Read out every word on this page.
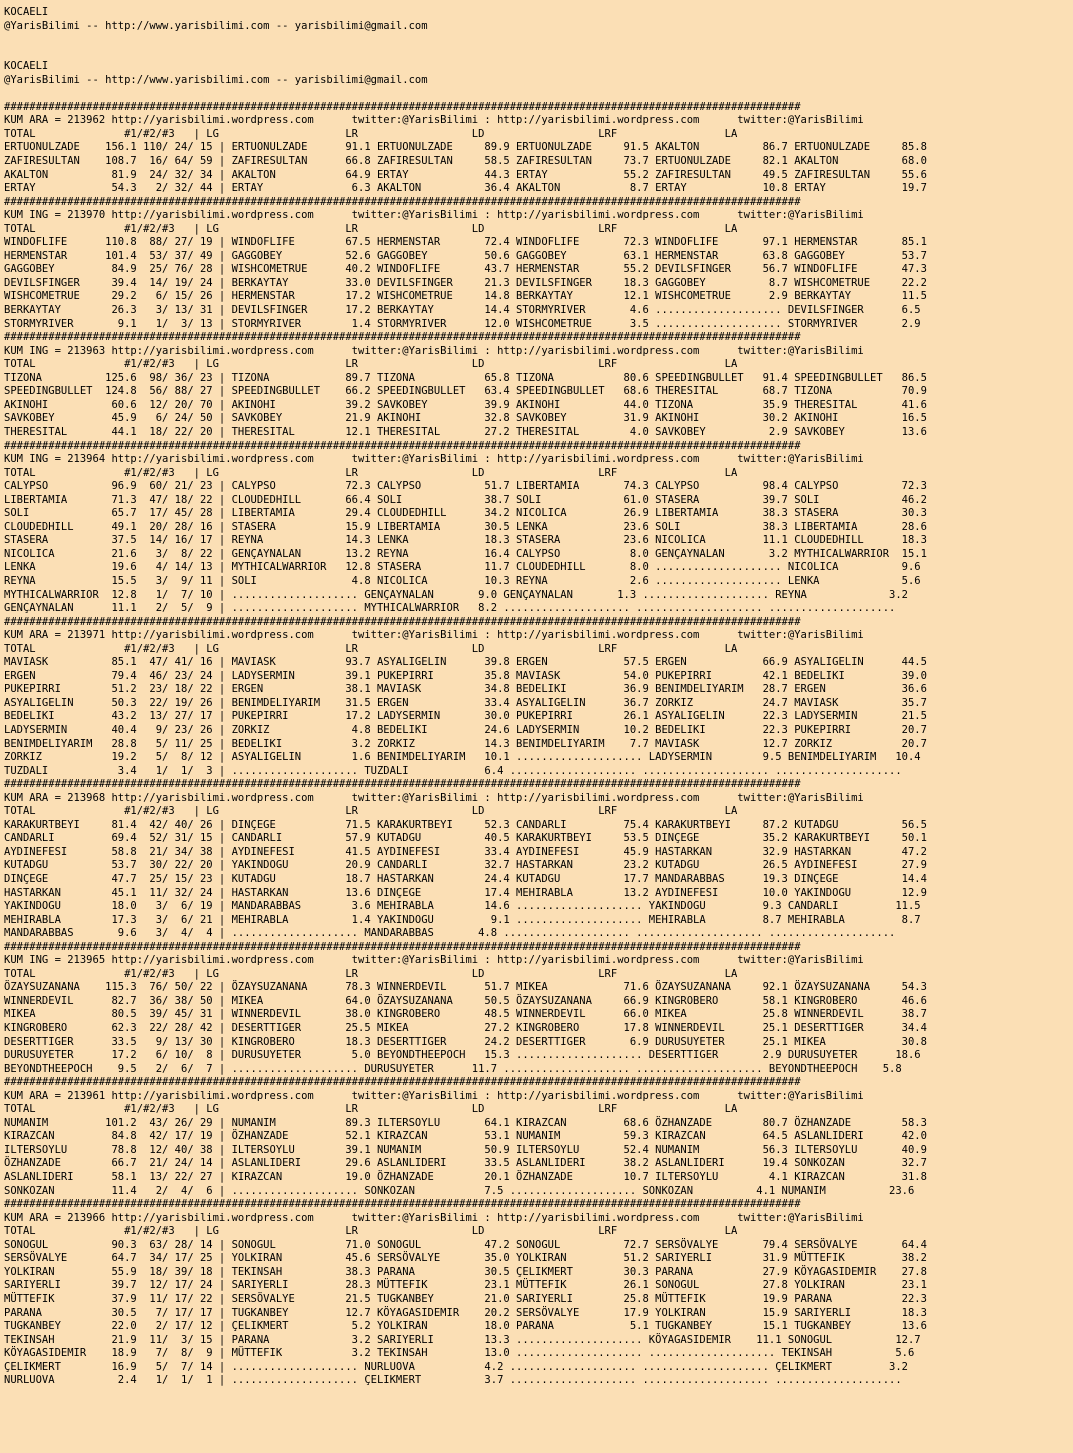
KOCAELI
@YarisBilimi -- http://www.yarisbilimi.com -- yarisbilimi@gmail.com

KOCAELI
@YarisBilimi -- http://www.yarisbilimi.com -- yarisbilimi@gmail.com

##############################################################################################################################
KUM ARA = 213962 http://yarisbilimi.wordpress.com      twitter:@YarisBilimi : http://yarisbilimi.wordpress.com      twitter:@YarisBilimi
TOTAL              #1/#2/#3   | LG                    LR                  LD                  LRF                 LA
ERTUONULZADE    156.1 110/ 24/ 15 | ERTUONULZADE      91.1 ERTUONULZADE     89.9 ERTUONULZADE     91.5 AKALTON          86.7 ERTUONULZADE     85.8
ZAFIRESULTAN    108.7  16/ 64/ 59 | ZAFIRESULTAN      66.8 ZAFIRESULTAN     58.5 ZAFIRESULTAN     73.7 ERTUONULZADE     82.1 AKALTON          68.0
AKALTON          81.9  24/ 32/ 34 | AKALTON           64.9 ERTAY            44.3 ERTAY            55.2 ZAFIRESULTAN     49.5 ZAFIRESULTAN     55.6
ERTAY            54.3   2/ 32/ 44 | ERTAY              6.3 AKALTON          36.4 AKALTON           8.7 ERTAY            10.8 ERTAY            19.7
##############################################################################################################################
KUM ING = 213970 http://yarisbilimi.wordpress.com      twitter:@YarisBilimi : http://yarisbilimi.wordpress.com      twitter:@YarisBilimi
TOTAL              #1/#2/#3   | LG                    LR                  LD                  LRF                 LA
WINDOFLIFE      110.8  88/ 27/ 19 | WINDOFLIFE        67.5 HERMENSTAR       72.4 WINDOFLIFE       72.3 WINDOFLIFE       97.1 HERMENSTAR       85.1
HERMENSTAR      101.4  53/ 37/ 49 | GAGGOBEY          52.6 GAGGOBEY         50.6 GAGGOBEY         63.1 HERMENSTAR       63.8 GAGGOBEY         53.7
GAGGOBEY         84.9  25/ 76/ 28 | WISHCOMETRUE      40.2 WINDOFLIFE       43.7 HERMENSTAR       55.2 DEVILSFINGER     56.7 WINDOFLIFE       47.3
DEVILSFINGER     39.4  14/ 19/ 24 | BERKAYTAY         33.0 DEVILSFINGER     21.3 DEVILSFINGER     18.3 GAGGOBEY          8.7 WISHCOMETRUE     22.2
WISHCOMETRUE     29.2   6/ 15/ 26 | HERMENSTAR        17.2 WISHCOMETRUE     14.8 BERKAYTAY        12.1 WISHCOMETRUE      2.9 BERKAYTAY        11.5
BERKAYTAY        26.3   3/ 13/ 31 | DEVILSFINGER      17.2 BERKAYTAY        14.4 STORMYRIVER       4.6 .................... DEVILSFINGER      6.5
STORMYRIVER       9.1   1/  3/ 13 | STORMYRIVER        1.4 STORMYRIVER      12.0 WISHCOMETRUE      3.5 .................... STORMYRIVER       2.9
##############################################################################################################################
KUM ING = 213963 http://yarisbilimi.wordpress.com      twitter:@YarisBilimi : http://yarisbilimi.wordpress.com      twitter:@YarisBilimi
TOTAL              #1/#2/#3   | LG                    LR                  LD                  LRF                 LA
TIZONA          125.6  98/ 36/ 23 | TIZONA            89.7 TIZONA           65.8 TIZONA           80.6 SPEEDINGBULLET   91.4 SPEEDINGBULLET   86.5
SPEEDINGBULLET  124.8  56/ 88/ 27 | SPEEDINGBULLET    66.2 SPEEDINGBULLET   63.4 SPEEDINGBULLET   68.6 THERESITAL       68.7 TIZONA           70.9
AKINOHI          60.6  12/ 20/ 70 | AKINOHI           39.2 SAVKOBEY         39.9 AKINOHI          44.0 TIZONA           35.9 THERESITAL       41.6
SAVKOBEY         45.9   6/ 24/ 50 | SAVKOBEY          21.9 AKINOHI          32.8 SAVKOBEY         31.9 AKINOHI          30.2 AKINOHI          16.5
THERESITAL       44.1  18/ 22/ 20 | THERESITAL        12.1 THERESITAL       27.2 THERESITAL        4.0 SAVKOBEY          2.9 SAVKOBEY         13.6
##############################################################################################################################
KUM ING = 213964 http://yarisbilimi.wordpress.com      twitter:@YarisBilimi : http://yarisbilimi.wordpress.com      twitter:@YarisBilimi
TOTAL              #1/#2/#3   | LG                    LR                  LD                  LRF                 LA
CALYPSO          96.9  60/ 21/ 23 | CALYPSO           72.3 CALYPSO          51.7 LIBERTAMIA       74.3 CALYPSO          98.4 CALYPSO          72.3
LIBERTAMIA       71.3  47/ 18/ 22 | CLOUDEDHILL       66.4 SOLI             38.7 SOLI             61.0 STASERA          39.7 SOLI             46.2
SOLI             65.7  17/ 45/ 28 | LIBERTAMIA        29.4 CLOUDEDHILL      34.2 NICOLICA         26.9 LIBERTAMIA       38.3 STASERA          30.3
CLOUDEDHILL      49.1  20/ 28/ 16 | STASERA           15.9 LIBERTAMIA       30.5 LENKA            23.6 SOLI             38.3 LIBERTAMIA       28.6
STASERA          37.5  14/ 16/ 17 | REYNA             14.3 LENKA            18.3 STASERA          23.6 NICOLICA         11.1 CLOUDEDHILL      18.3
NICOLICA         21.6   3/  8/ 22 | GENÇAYNALAN       13.2 REYNA            16.4 CALYPSO           8.0 GENÇAYNALAN       3.2 MYTHICALWARRIOR  15.1
LENKA            19.6   4/ 14/ 13 | MYTHICALWARRIOR   12.8 STASERA          11.7 CLOUDEDHILL       8.0 .................... NICOLICA          9.6
REYNA            15.5   3/  9/ 11 | SOLI               4.8 NICOLICA         10.3 REYNA             2.6 .................... LENKA             5.6
MYTHICALWARRIOR  12.8   1/  7/ 10 | .................... GENÇAYNALAN       9.0 GENÇAYNALAN       1.3 .................... REYNA             3.2
GENÇAYNALAN      11.1   2/  5/  9 | .................... MYTHICALWARRIOR   8.2 .................... .................... ....................
##############################################################################################################################
KUM ARA = 213971 http://yarisbilimi.wordpress.com      twitter:@YarisBilimi : http://yarisbilimi.wordpress.com      twitter:@YarisBilimi
TOTAL              #1/#2/#3   | LG                    LR                  LD                  LRF                 LA
MAVIASK          85.1  47/ 41/ 16 | MAVIASK           93.7 ASYALIGELIN      39.8 ERGEN            57.5 ERGEN            66.9 ASYALIGELIN      44.5
ERGEN            79.4  46/ 23/ 24 | LADYSERMIN        39.1 PUKEPIRRI        35.8 MAVIASK          54.0 PUKEPIRRI        42.1 BEDELIKI         39.0
PUKEPIRRI        51.2  23/ 18/ 22 | ERGEN             38.1 MAVIASK          34.8 BEDELIKI         36.9 BENIMDELIYARIM   28.7 ERGEN            36.6
ASYALIGELIN      50.3  22/ 19/ 26 | BENIMDELIYARIM    31.5 ERGEN            33.4 ASYALIGELIN      36.7 ZORKIZ           24.7 MAVIASK          35.7
BEDELIKI         43.2  13/ 27/ 17 | PUKEPIRRI         17.2 LADYSERMIN       30.0 PUKEPIRRI        26.1 ASYALIGELIN      22.3 LADYSERMIN       21.5
LADYSERMIN       40.4   9/ 23/ 26 | ZORKIZ             4.8 BEDELIKI         24.6 LADYSERMIN       10.2 BEDELIKI         22.3 PUKEPIRRI        20.7
BENIMDELIYARIM   28.8   5/ 11/ 25 | BEDELIKI           3.2 ZORKIZ           14.3 BENIMDELIYARIM    7.7 MAVIASK          12.7 ZORKIZ           20.7
ZORKIZ           19.2   5/  8/ 12 | ASYALIGELIN        1.6 BENIMDELIYARIM   10.1 .................... LADYSERMIN        9.5 BENIMDELIYARIM   10.4
TUZDALI           3.4   1/  1/  3 | .................... TUZDALI            6.4 .................... .................... ....................
##############################################################################################################################
KUM ARA = 213968 http://yarisbilimi.wordpress.com      twitter:@YarisBilimi : http://yarisbilimi.wordpress.com      twitter:@YarisBilimi
TOTAL              #1/#2/#3   | LG                    LR                  LD                  LRF                 LA
KARAKURTBEYI     81.4  42/ 40/ 26 | DINÇEGE           71.5 KARAKURTBEYI     52.3 CANDARLI         75.4 KARAKURTBEYI     87.2 KUTADGU          56.5
CANDARLI         69.4  52/ 31/ 15 | CANDARLI          57.9 KUTADGU          40.5 KARAKURTBEYI     53.5 DINÇEGE          35.2 KARAKURTBEYI     50.1
AYDINEFESI       58.8  21/ 34/ 38 | AYDINEFESI        41.5 AYDINEFESI       33.4 AYDINEFESI       45.9 HASTARKAN        32.9 HASTARKAN        47.2
KUTADGU          53.7  30/ 22/ 20 | YAKINDOGU         20.9 CANDARLI         32.7 HASTARKAN        23.2 KUTADGU          26.5 AYDINEFESI       27.9
DINÇEGE          47.7  25/ 15/ 23 | KUTADGU           18.7 HASTARKAN        24.4 KUTADGU          17.7 MANDARABBAS      19.3 DINÇEGE          14.4
HASTARKAN        45.1  11/ 32/ 24 | HASTARKAN         13.6 DINÇEGE          17.4 MEHIRABLA        13.2 AYDINEFESI       10.0 YAKINDOGU        12.9
YAKINDOGU        18.0   3/  6/ 19 | MANDARABBAS        3.6 MEHIRABLA        14.6 .................... YAKINDOGU         9.3 CANDARLI         11.5
MEHIRABLA        17.3   3/  6/ 21 | MEHIRABLA          1.4 YAKINDOGU         9.1 .................... MEHIRABLA         8.7 MEHIRABLA         8.7
MANDARABBAS       9.6   3/  4/  4 | .................... MANDARABBAS       4.8 .................... .................... ....................
##############################################################################################################################
KUM ING = 213965 http://yarisbilimi.wordpress.com      twitter:@YarisBilimi : http://yarisbilimi.wordpress.com      twitter:@YarisBilimi
TOTAL              #1/#2/#3   | LG                    LR                  LD                  LRF                 LA
ÖZAYSUZANANA    115.3  76/ 50/ 22 | ÖZAYSUZANANA      78.3 WINNERDEVIL      51.7 MIKEA            71.6 ÖZAYSUZANANA     92.1 ÖZAYSUZANANA     54.3
WINNERDEVIL      82.7  36/ 38/ 50 | MIKEA             64.0 ÖZAYSUZANANA     50.5 ÖZAYSUZANANA     66.9 KINGROBERO       58.1 KINGROBERO       46.6
MIKEA            80.5  39/ 45/ 31 | WINNERDEVIL       38.0 KINGROBERO       48.5 WINNERDEVIL      66.0 MIKEA            25.8 WINNERDEVIL      38.7
KINGROBERO       62.3  22/ 28/ 42 | DESERTTIGER       25.5 MIKEA            27.2 KINGROBERO       17.8 WINNERDEVIL      25.1 DESERTTIGER      34.4
DESERTTIGER      33.5   9/ 13/ 30 | KINGROBERO        18.3 DESERTTIGER      24.2 DESERTTIGER       6.9 DURUSUYETER      25.1 MIKEA            30.8
DURUSUYETER      17.2   6/ 10/  8 | DURUSUYETER        5.0 BEYONDTHEEPOCH   15.3 .................... DESERTTIGER       2.9 DURUSUYETER      18.6
BEYONDTHEEPOCH    9.5   2/  6/  7 | .................... DURUSUYETER      11.7 .................... .................... BEYONDTHEEPOCH    5.8
##############################################################################################################################
KUM ARA = 213961 http://yarisbilimi.wordpress.com      twitter:@YarisBilimi : http://yarisbilimi.wordpress.com      twitter:@YarisBilimi
TOTAL              #1/#2/#3   | LG                    LR                  LD                  LRF                 LA
NUMANIM         101.2  43/ 26/ 29 | NUMANIM           89.3 ILTERSOYLU       64.1 KIRAZCAN         68.6 ÖZHANZADE        80.7 ÖZHANZADE        58.3
KIRAZCAN         84.8  42/ 17/ 19 | ÖZHANZADE         52.1 KIRAZCAN         53.1 NUMANIM          59.3 KIRAZCAN         64.5 ASLANLIDERI      42.0
ILTERSOYLU       78.8  12/ 40/ 38 | ILTERSOYLU        39.1 NUMANIM          50.9 ILTERSOYLU       52.4 NUMANIM          56.3 ILTERSOYLU       40.9
ÖZHANZADE        66.7  21/ 24/ 14 | ASLANLIDERI       29.6 ASLANLIDERI      33.5 ASLANLIDERI      38.2 ASLANLIDERI      19.4 SONKOZAN         32.7
ASLANLIDERI      58.1  13/ 22/ 27 | KIRAZCAN          19.0 ÖZHANZADE        20.1 ÖZHANZADE        10.7 ILTERSOYLU        4.1 KIRAZCAN         31.8
SONKOZAN         11.4   2/  4/  6 | .................... SONKOZAN           7.5 .................... SONKOZAN          4.1 NUMANIM          23.6
##############################################################################################################################
KUM ARA = 213966 http://yarisbilimi.wordpress.com      twitter:@YarisBilimi : http://yarisbilimi.wordpress.com      twitter:@YarisBilimi
TOTAL              #1/#2/#3   | LG                    LR                  LD                  LRF                 LA
SONOGUL          90.3  63/ 28/ 14 | SONOGUL           71.0 SONOGUL          47.2 SONOGUL          72.7 SERSÖVALYE       79.4 SERSÖVALYE       64.4
SERSÖVALYE       64.7  34/ 17/ 25 | YOLKIRAN          45.6 SERSÖVALYE       35.0 YOLKIRAN         51.2 SARIYERLI        31.9 MÜTTEFIK         38.2
YOLKIRAN         55.9  18/ 39/ 18 | TEKINSAH          38.3 PARANA           30.5 ÇELIKMERT        30.3 PARANA           27.9 KÖYAGASIDEMIR    27.8
SARIYERLI        39.7  12/ 17/ 24 | SARIYERLI         28.3 MÜTTEFIK         23.1 MÜTTEFIK         26.1 SONOGUL          27.8 YOLKIRAN         23.1
MÜTTEFIK         37.9  11/ 17/ 22 | SERSÖVALYE        21.5 TUGKANBEY        21.0 SARIYERLI        25.8 MÜTTEFIK         19.9 PARANA           22.3
PARANA           30.5   7/ 17/ 17 | TUGKANBEY         12.7 KÖYAGASIDEMIR    20.2 SERSÖVALYE       17.9 YOLKIRAN         15.9 SARIYERLI        18.3
TUGKANBEY        22.0   2/ 17/ 12 | ÇELIKMERT          5.2 YOLKIRAN         18.0 PARANA            5.1 TUGKANBEY        15.1 TUGKANBEY        13.6
TEKINSAH         21.9  11/  3/ 15 | PARANA             3.2 SARIYERLI        13.3 .................... KÖYAGASIDEMIR    11.1 SONOGUL          12.7
KÖYAGASIDEMIR    18.9   7/  8/  9 | MÜTTEFIK           3.2 TEKINSAH         13.0 .................... .................... TEKINSAH          5.6
ÇELIKMERT        16.9   5/  7/ 14 | .................... NURLUOVA           4.2 .................... .................... ÇELIKMERT         3.2
NURLUOVA          2.4   1/  1/  1 | .................... ÇELIKMERT          3.7 .................... .................... ....................
